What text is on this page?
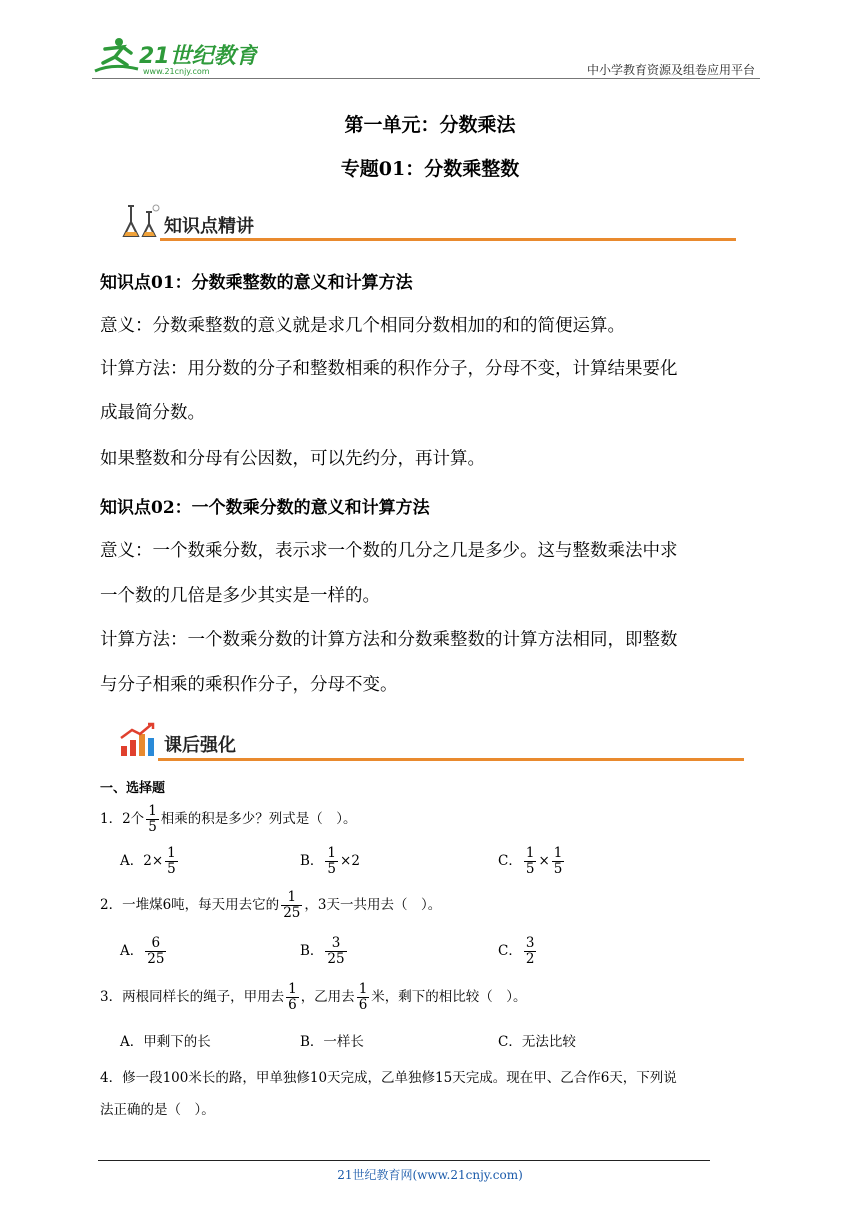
21世纪教育
www.21cnjy.com	中小学教育资源及组卷应用平台
第一单元：分数乘法
专题01：分数乘整数
知识点精讲
知识点01：分数乘整数的意义和计算方法
意义：分数乘整数的意义就是求几个相同分数相加的和的简便运算。
计算方法：用分数的分子和整数相乘的积作分子，分母不变，计算结果要化
成最简分数。
如果整数和分母有公因数，可以先约分，再计算。
知识点02：一个数乘分数的意义和计算方法
意义：一个数乘分数，表示求一个数的几分之几是多少。这与整数乘法中求
一个数的几倍是多少其实是一样的。
计算方法：一个数乘分数的计算方法和分数乘整数的计算方法相同，即整数
与分子相乘的乘积作分子，分母不变。
课后强化
一、选择题
1．2个 $\frac{1}{5}$ 相乘的积是多少？列式是（　）。
A．$2\times \frac{1}{5}$	B． $\frac{1}{5} \times 2$	C． $\frac{1}{5} \times \frac{1}{5}$
2．一堆煤6吨，每天用去它的 $\frac{1}{25}$ ，3天一共用去（　）。
A． $\frac{6}{25}$	B． $\frac{3}{25}$	C． $\frac{3}{2}$
3．两根同样长的绳子，甲用去 $\frac{1}{6}$ ，乙用去 $\frac{1}{6}$ 米，剩下的相比较（　）。
A．甲剩下的长	B．一样长	C．无法比较
4．修一段100米长的路，甲单独修10天完成，乙单独修15天完成。现在甲、乙合作6天，下列说
法正确的是（　）。
21世纪教育网(www.21cnjy.com)
